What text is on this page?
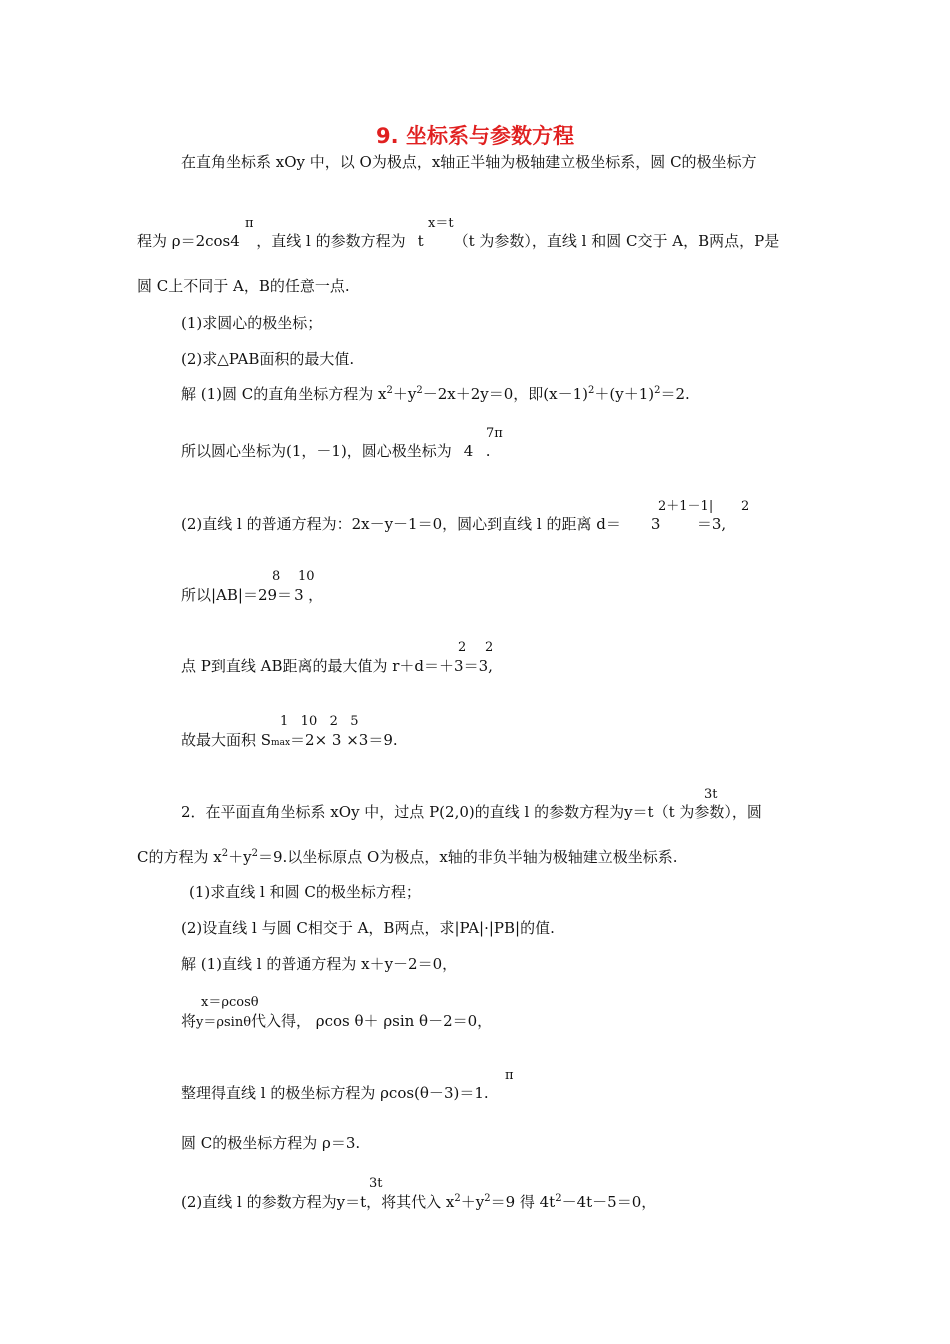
9. 坐标系与参数方程
在直角坐标系 xOy 中，以 O为极点，x轴正半轴为极轴建立极坐标系，圆 C的极坐标方
π	x＝t
程为 ρ＝2cos4 ，直线 l 的参数方程为 t （t 为参数），直线 l 和圆 C交于 A，B两点，P是
圆 C上不同于 A，B的任意一点.
(1)求圆心的极坐标；
(2)求△PAB面积的最大值.
解 (1)圆 C的直角坐标方程为 $x^2+y^2-2x+2y=0$，即$(x-1)^2+(y+1)^2=2$.
7π
所以圆心坐标为(1，－1)，圆心极坐标为 4 .
2＋1－1| 2
(2)直线 l 的普通方程为：2x－y－1＝0，圆心到直线 l 的距离 d＝ 3 ＝3,
8 10
所以|AB|＝29＝ 3 ，
2 2
点 P到直线 AB距离的最大值为 r＋d＝＋3＝3,
1   10   2   5
故最大面积 Smax＝2× 3 ×3＝9.
3t
2．在平面直角坐标系 xOy 中，过点 P(2,0)的直线 l 的参数方程为y＝t（t 为参数），圆
C的方程为 $x^2+y^2=9$.以坐标原点 O为极点，x轴的非负半轴为极轴建立极坐标系.
(1)求直线 l 和圆 C的极坐标方程；
(2)设直线 l 与圆 C相交于 A，B两点，求|PA|·|PB|的值.
解 (1)直线 l 的普通方程为 x＋y－2＝0，
x＝ρcosθ
将y＝ρsinθ代入得， ρcos θ＋ ρsin θ－2＝0，
π
整理得直线 l 的极坐标方程为 ρcos(θ－3)＝1.
圆 C的极坐标方程为 ρ＝3.
3t
(2)直线 l 的参数方程为y＝t，将其代入 $x^2+y^2=9$ 得 $4t^2-4t-5=0$，
